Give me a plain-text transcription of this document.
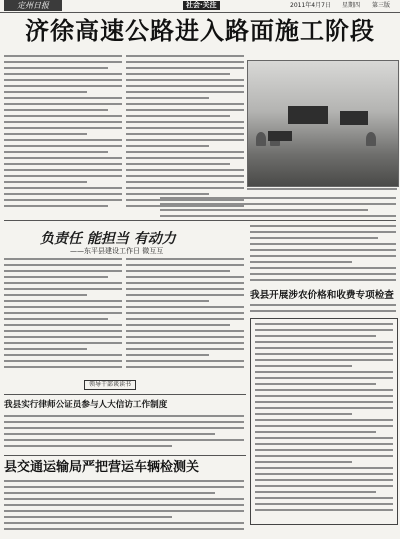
定州日报	社会·关注	2011年4月7日 星期四 第三版
济徐高速公路进入路面施工阶段
负责任 能担当 有动力
——东平县建设工作日 微互互
领导干部谈读书
我县开展涉农价格和收费专项检查
我县实行律师公证员参与人大信访工作制度
县交通运输局严把营运车辆检测关
